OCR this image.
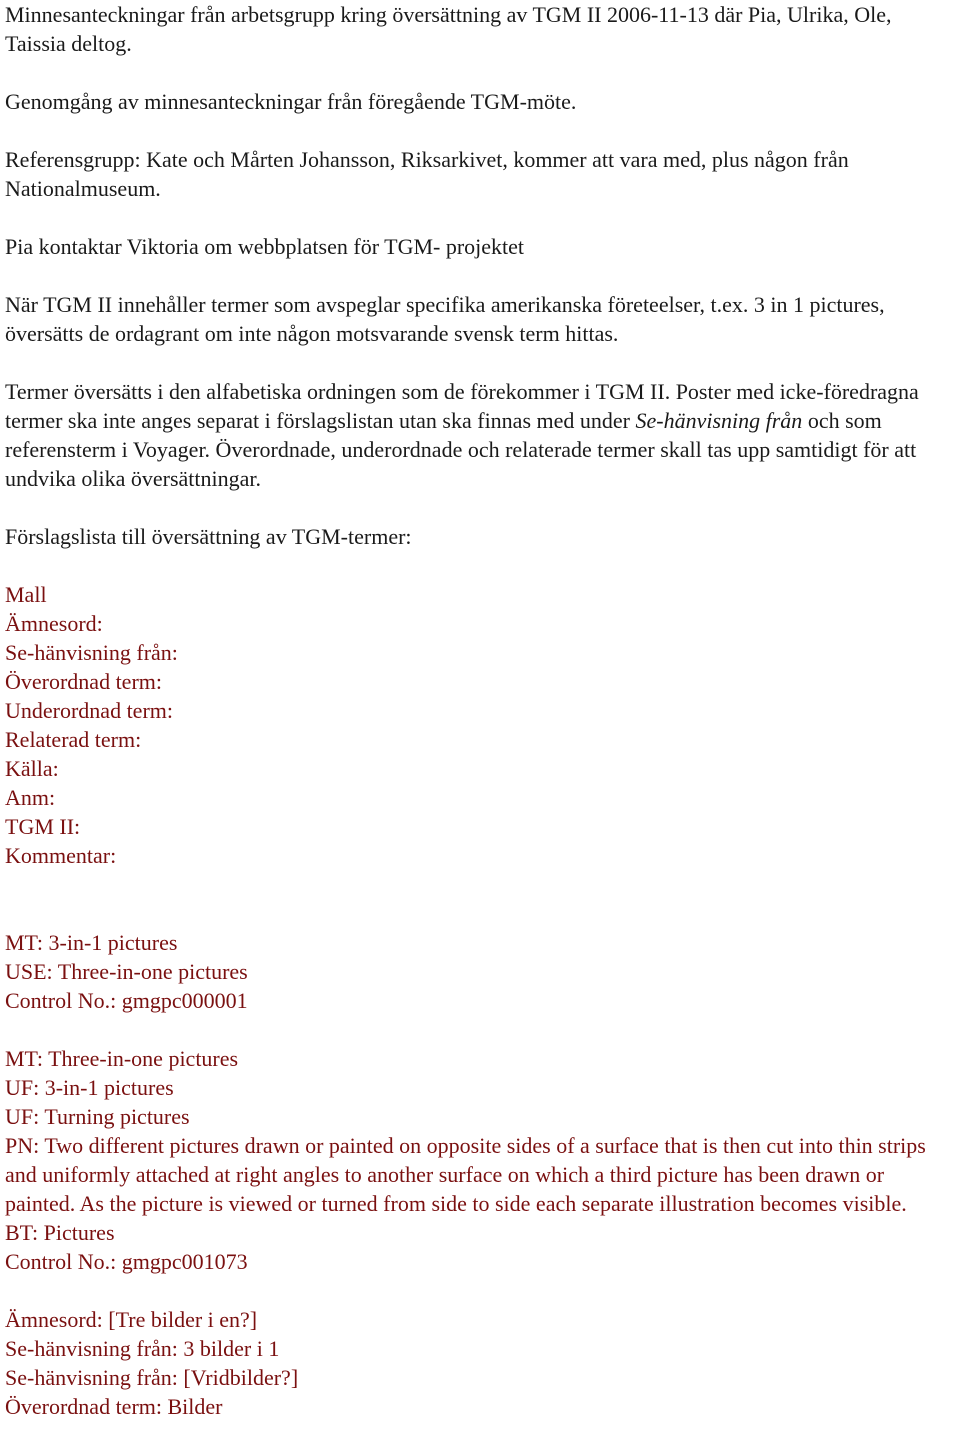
Minnesanteckningar från arbetsgrupp kring översättning av TGM II 2006-11-13 där Pia, Ulrika, Ole, Taissia deltog.

Genomgång av minnesanteckningar från föregående TGM-möte.

Referensgrupp: Kate och Mårten Johansson, Riksarkivet, kommer att vara med, plus någon från Nationalmuseum.

Pia kontaktar Viktoria om webbplatsen för TGM- projektet

När TGM II innehåller termer som avspeglar specifika amerikanska företeelser, t.ex. 3 in 1 pictures, översätts de ordagrant om inte någon motsvarande svensk term hittas.

Termer översätts i den alfabetiska ordningen som de förekommer i TGM II. Poster med icke-föredragna termer ska inte anges separat i förslagslistan utan ska finnas med under Se-hänvisning från och som referensterm i Voyager. Överordnade, underordnade och relaterade termer skall tas upp samtidigt för att undvika olika översättningar.

Förslagslista till översättning av TGM-termer:

Mall
Ämnesord:
Se-hänvisning från:
Överordnad term:
Underordnad term:
Relaterad term:
Källa:
Anm:
TGM II:
Kommentar:
MT: 3-in-1 pictures
USE: Three-in-one pictures
Control No.: gmgpc000001
MT: Three-in-one pictures
UF: 3-in-1 pictures
UF: Turning pictures
PN: Two different pictures drawn or painted on opposite sides of a surface that is then cut into thin strips and uniformly attached at right angles to another surface on which a third picture has been drawn or painted. As the picture is viewed or turned from side to side each separate illustration becomes visible.
BT: Pictures
Control No.: gmgpc001073
Ämnesord: [Tre bilder i en?]
Se-hänvisning från: 3 bilder i 1
Se-hänvisning från: [Vridbilder?]
Överordnad term: Bilder
